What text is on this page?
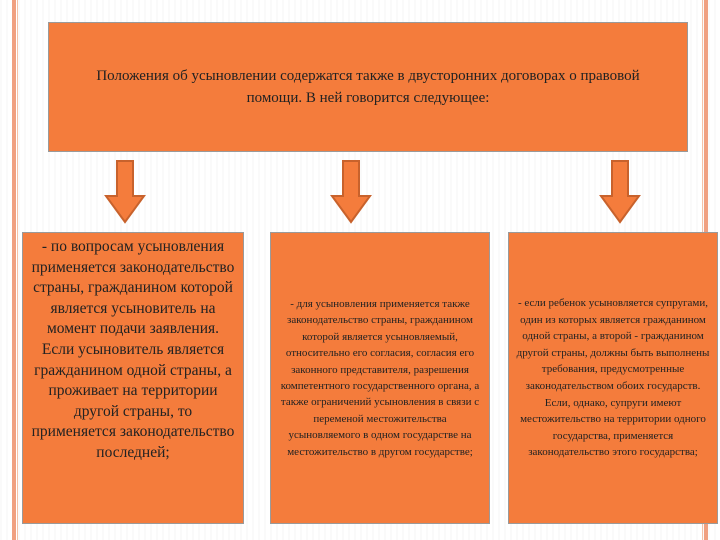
Положения об усыновлении содержатся также в двусторонних договорах о правовой помощи. В ней говорится следующее:
- по вопросам усыновления применяется законодательство страны, гражданином которой является усыновитель на момент подачи заявления. Если усыновитель является гражданином одной страны, а проживает на территории другой страны, то применяется законодательство последней;
- для усыновления применяется также законодательство страны, гражданином которой является усыновляемый, относительно его согласия, согласия его законного представителя, разрешения компетентного государственного органа, а также ограничений усыновления в связи с переменой местожительства усыновляемого в одном государстве на местожительство в другом государстве;
- если ребенок усыновляется супругами, один из которых является гражданином одной страны, а второй - гражданином другой страны, должны быть выполнены требования, предусмотренные законодательством обоих государств. Если, однако, супруги имеют местожительство на территории одного государства, применяется законодательство этого государства;
